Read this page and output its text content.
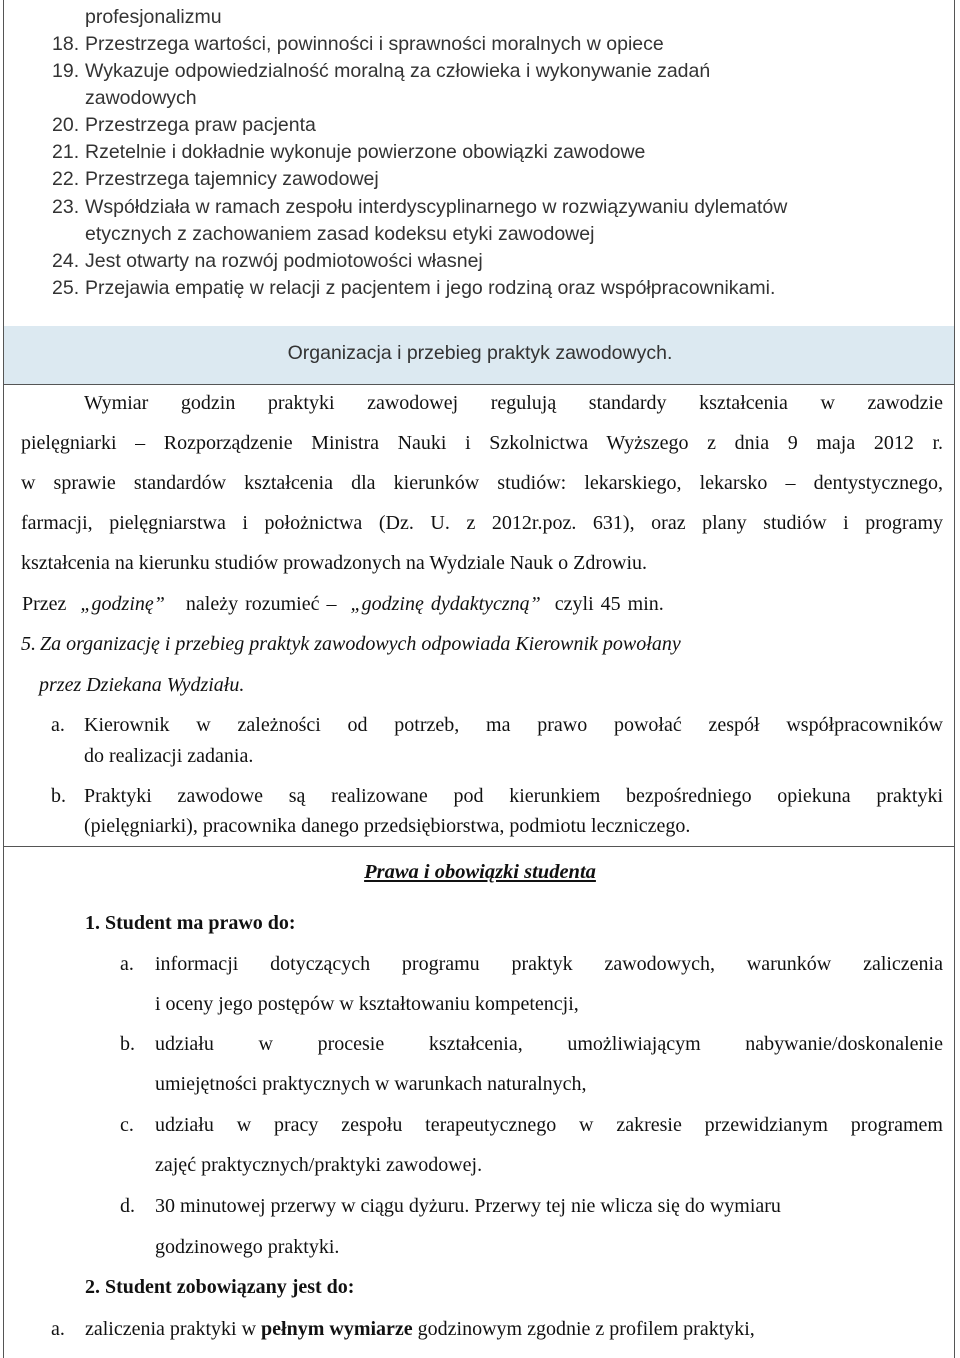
profesjonalizmu
18. Przestrzega wartości, powinności i sprawności moralnych w opiece
19. Wykazuje odpowiedzialność moralną za człowieka i wykonywanie zadań
zawodowych
20. Przestrzega praw pacjenta
21. Rzetelnie i dokładnie wykonuje powierzone obowiązki zawodowe
22. Przestrzega tajemnicy zawodowej
23. Współdziała w ramach zespołu interdyscyplinarnego w rozwiązywaniu dylematów
etycznych z zachowaniem zasad kodeksu etyki zawodowej
24. Jest otwarty na rozwój podmiotowości własnej
25. Przejawia empatię w relacji z pacjentem i jego rodziną oraz współpracownikami.
Organizacja i przebieg praktyk zawodowych.
Wymiar godzin praktyki zawodowej regulują standardy kształcenia w zawodzie
pielęgniarki – Rozporządzenie Ministra Nauki i Szkolnictwa Wyższego z dnia 9 maja 2012 r.
w sprawie standardów kształcenia dla kierunków studiów: lekarskiego, lekarsko – dentystycznego,
farmacji, pielęgniarstwa i położnictwa (Dz. U. z 2012r.poz. 631), oraz plany studiów i programy
kształcenia na kierunku studiów prowadzonych na Wydziale Nauk o Zdrowiu.
Przez „godzinę” należy rozumieć – „godzinę dydaktyczną” czyli 45 min.
5. Za organizację i przebieg praktyk zawodowych odpowiada Kierownik powołany
przez Dziekana Wydziału.
a. Kierownik w zależności od potrzeb, ma prawo powołać zespół współpracowników
do realizacji zadania.
b. Praktyki zawodowe są realizowane pod kierunkiem bezpośredniego opiekuna praktyki
(pielęgniarki), pracownika danego przedsiębiorstwa, podmiotu leczniczego.
Prawa i obowiązki studenta
1. Student ma prawo do:
a. informacji dotyczących programu praktyk zawodowych, warunków zaliczenia
i oceny jego postępów w kształtowaniu kompetencji,
b. udziału w procesie kształcenia, umożliwiającym nabywanie/doskonalenie
umiejętności praktycznych w warunkach naturalnych,
c. udziału w pracy zespołu terapeutycznego w zakresie przewidzianym programem
zajęć praktycznych/praktyki zawodowej.
d. 30 minutowej przerwy w ciągu dyżuru. Przerwy tej nie wlicza się do wymiaru
godzinowego praktyki.
2. Student zobowiązany jest do:
a. zaliczenia praktyki w pełnym wymiarze godzinowym zgodnie z profilem praktyki,
